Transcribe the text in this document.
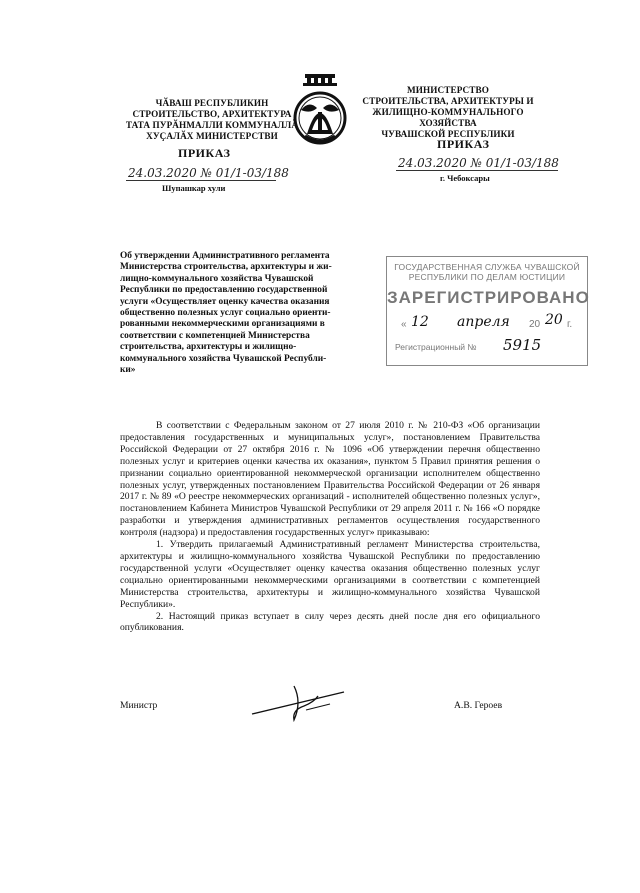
ЧӐВАШ РЕСПУБЛИКИН
СТРОИТЕЛЬСТВО, АРХИТЕКТУРА
ТАТА ПУРӐНМАЛЛИ КОММУНАЛЛӐ
ХУҪАЛӐХ МИНИСТЕРСТВИ
ПРИКАЗ
24.03.2020 № 01/1-03/188
Шупашкар хули
МИНИСТЕРСТВО
СТРОИТЕЛЬСТВА, АРХИТЕКТУРЫ И
ЖИЛИЩНО-КОММУНАЛЬНОГО ХОЗЯЙСТВА
ЧУВАШСКОЙ РЕСПУБЛИКИ
ПРИКАЗ
24.03.2020 № 01/1-03/188
г. Чебоксары
Об утверждении Административного регламента
Министерства строительства, архитектуры и жи-
лищно-коммунального хозяйства Чувашской
Республики по предоставлению государственной
услуги «Осуществляет оценку качества оказания
общественно полезных услуг социально ориенти-
рованными некоммерческими организациями в
соответствии с компетенцией Министерства
строительства, архитектуры и жилищно-
коммунального хозяйства Чувашской Республи-
ки»
ГОСУДАРСТВЕННАЯ СЛУЖБА ЧУВАШСКОЙ
РЕСПУБЛИКИ ПО ДЕЛАМ ЮСТИЦИИ
ЗАРЕГИСТРИРОВАНО
« 12 апреля 20 20 г.
Регистрационный № 5915

В соответствии с Федеральным законом от 27 июля 2010 г. № 210-ФЗ «Об организации предоставления государственных и муниципальных услуг», постановлением Правительства Российской Федерации от 27 октября 2016 г. № 1096 «Об утверждении перечня общественно полезных услуг и критериев оценки качества их оказания», пунктом 5 Правил принятия решения о признании социально ориентированной некоммерческой организации исполнителем общественно полезных услуг, утвержденных постановлением Правительства Российской Федерации от 26 января 2017 г. № 89 «О реестре некоммерческих организаций - исполнителей общественно полезных услуг», постановлением Кабинета Министров Чувашской Республики от 29 апреля 2011 г. № 166 «О порядке разработки и утверждения административных регламентов осуществления государственного контроля (надзора) и предоставления государственных услуг» приказываю:

1. Утвердить прилагаемый Административный регламент Министерства строительства, архитектуры и жилищно-коммунального хозяйства Чувашской Республики по предоставлению государственной услуги «Осуществляет оценку качества оказания общественно полезных услуг социально ориентированными некоммерческими организациями в соответствии с компетенцией Министерства строительства, архитектуры и жилищно-коммунального хозяйства Чувашской Республики».

2. Настоящий приказ вступает в силу через десять дней после дня его официального опубликования.

Министр	А.В. Героев
